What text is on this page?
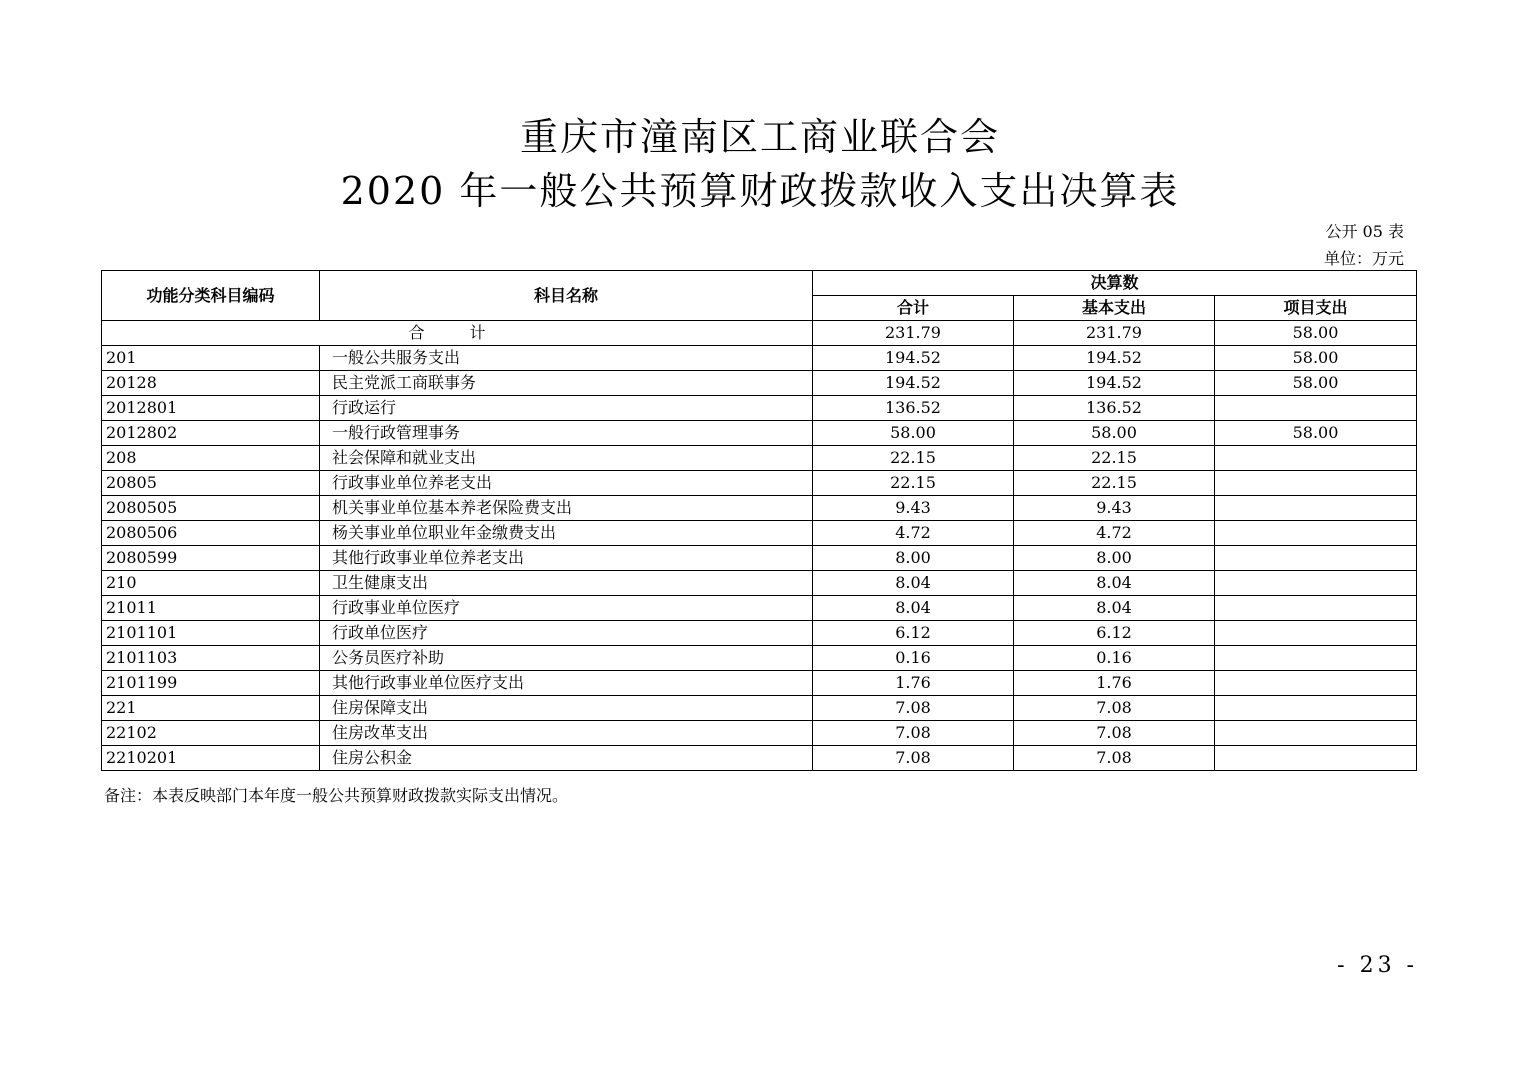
重庆市潼南区工商业联合会
2020 年一般公共预算财政拨款收入支出决算表
公开 05 表
单位：万元
功能分类科目编码	科目名称	决算数		
		合计	基本支出	项目支出
合 计		231.79	231.79	58.00
201	一般公共服务支出	194.52	194.52	58.00
20128	民主党派工商联事务	194.52	194.52	58.00
2012801	行政运行	136.52	136.52	
2012802	一般行政管理事务	58.00	58.00	58.00
208	社会保障和就业支出	22.15	22.15	
20805	行政事业单位养老支出	22.15	22.15	
2080505	机关事业单位基本养老保险费支出	9.43	9.43	
2080506	杨关事业单位职业年金缴费支出	4.72	4.72	
2080599	其他行政事业单位养老支出	8.00	8.00	
210	卫生健康支出	8.04	8.04	
21011	行政事业单位医疗	8.04	8.04	
2101101	行政单位医疗	6.12	6.12	
2101103	公务员医疗补助	0.16	0.16	
2101199	其他行政事业单位医疗支出	1.76	1.76	
221	住房保障支出	7.08	7.08	
22102	住房改革支出	7.08	7.08	
2210201	住房公积金	7.08	7.08	
备注：本表反映部门本年度一般公共预算财政拨款实际支出情况。
- 23 -
